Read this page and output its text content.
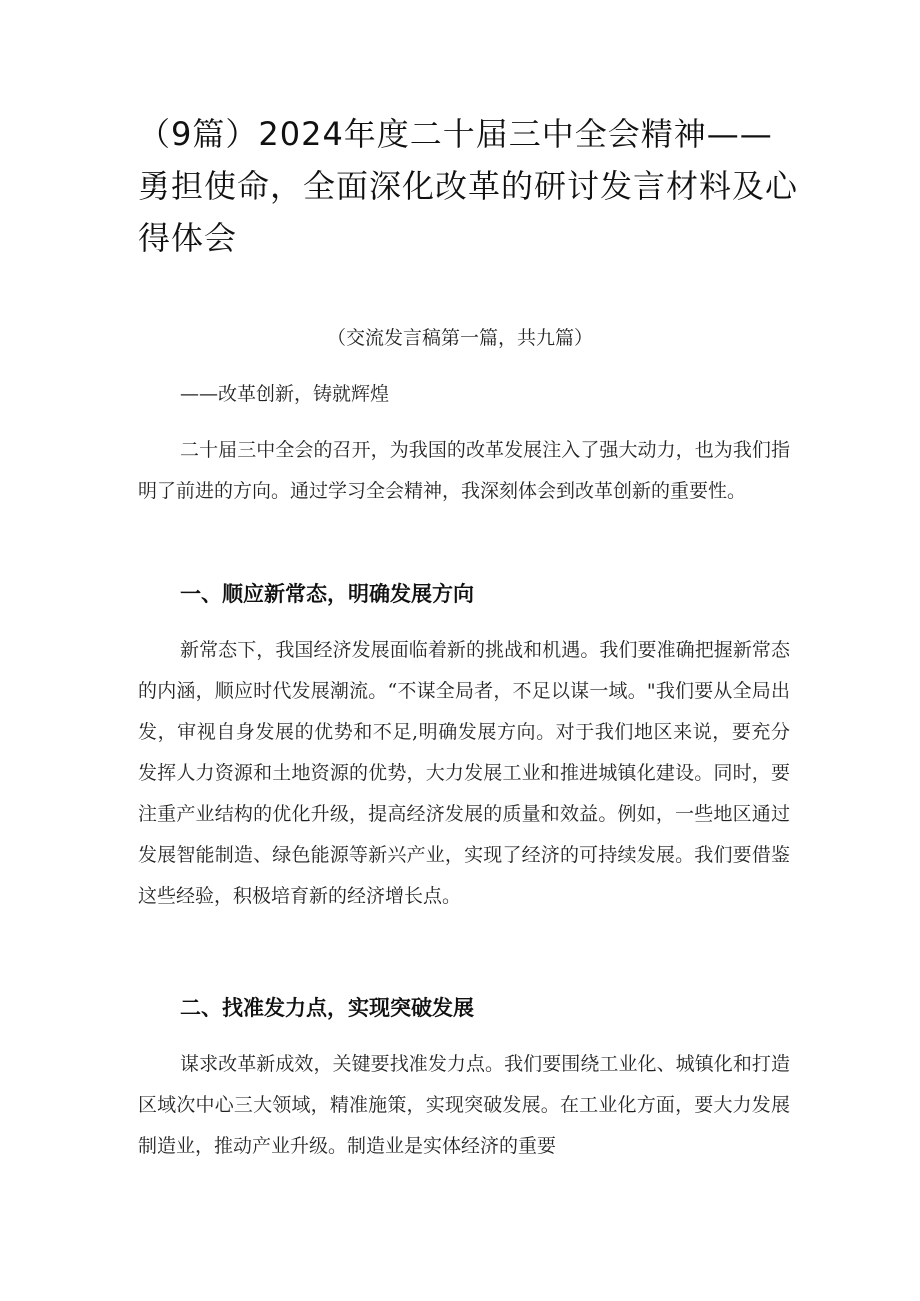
（9篇）2024年度二十届三中全会精神——勇担使命，全面深化改革的研讨发言材料及心得体会
（交流发言稿第一篇，共九篇）
——改革创新，铸就辉煌

二十届三中全会的召开，为我国的改革发展注入了强大动力，也为我们指明了前进的方向。通过学习全会精神，我深刻体会到改革创新的重要性。

一、顺应新常态，明确发展方向

新常态下，我国经济发展面临着新的挑战和机遇。我们要准确把握新常态的内涵，顺应时代发展潮流。“不谋全局者，不足以谋一域。"我们要从全局出发，审视自身发展的优势和不足,明确发展方向。对于我们地区来说，要充分发挥人力资源和土地资源的优势，大力发展工业和推进城镇化建设。同时，要注重产业结构的优化升级，提高经济发展的质量和效益。例如，一些地区通过发展智能制造、绿色能源等新兴产业，实现了经济的可持续发展。我们要借鉴这些经验，积极培育新的经济增长点。

二、找准发力点，实现突破发展

谋求改革新成效，关键要找准发力点。我们要围绕工业化、城镇化和打造区域次中心三大领域，精准施策，实现突破发展。在工业化方面，要大力发展制造业，推动产业升级。制造业是实体经济的重要
